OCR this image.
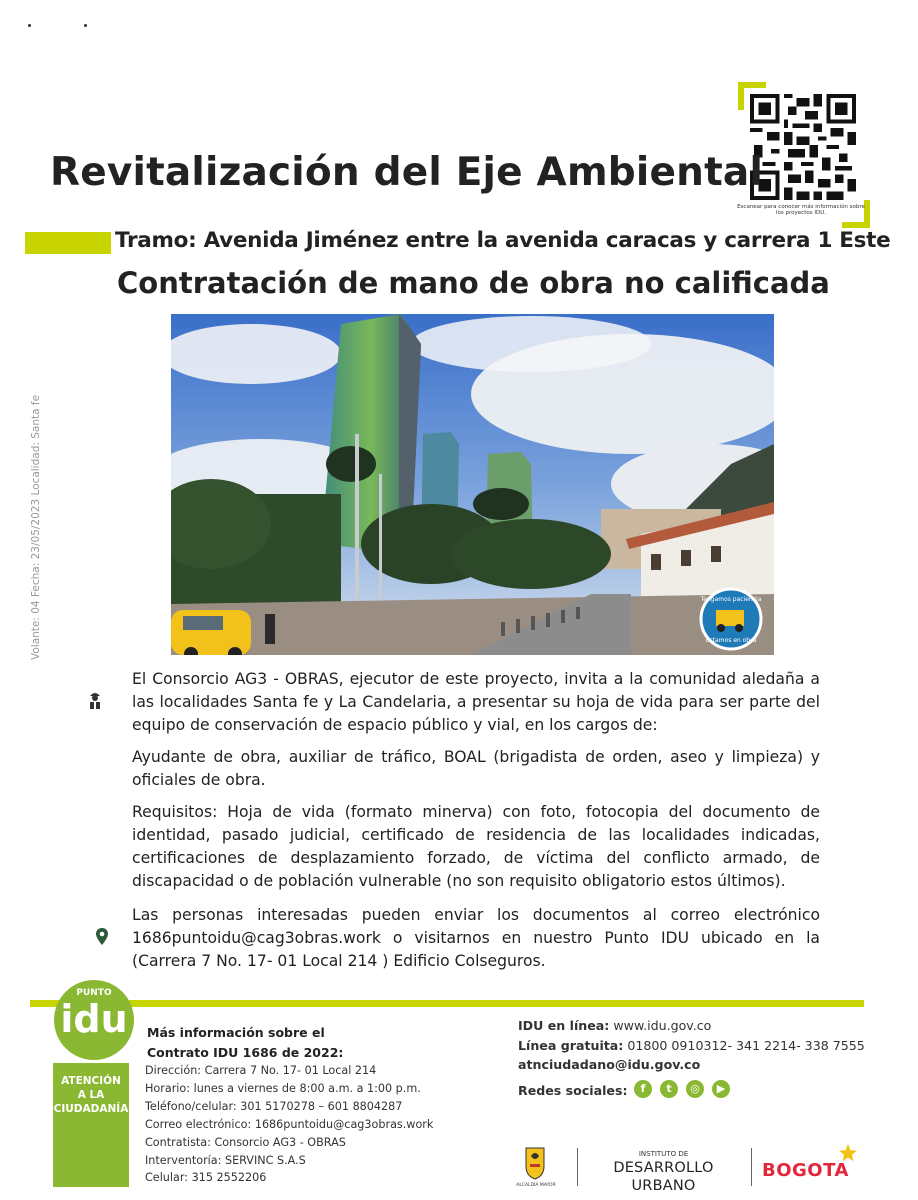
Escanear para conocer más información sobre los proyectos IDU.
Revitalización del Eje Ambiental
Tramo: Avenida Jiménez entre la avenida caracas y carrera 1 Este
Contratación de mano de obra no calificada
Volante: 04 Fecha: 23/05/2023 Localidad: Santa fe	Tengamos paciencia
Estamos en obra
El Consorcio AG3 - OBRAS, ejecutor de este proyecto, invita a la comunidad aledaña a las localidades Santa fe y La Candelaria, a presentar su hoja de vida para ser parte del equipo de conservación de espacio público y vial, en los cargos de:
Ayudante de obra, auxiliar de tráfico, BOAL (brigadista de orden, aseo y limpieza) y oficiales de obra.
Requisitos: Hoja de vida (formato minerva) con foto, fotocopia del documento de identidad, pasado judicial, certificado de residencia de las localidades indicadas, certificaciones de desplazamiento forzado, de víctima del conflicto armado, de discapacidad o de población vulnerable (no son requisito obligatorio estos últimos).
Las personas interesadas pueden enviar los documentos al correo electrónico 1686puntoidu@cag3obras.work o visitarnos en nuestro Punto IDU ubicado en la (Carrera 7 No. 17- 01 Local 214 ) Edificio Colseguros.
PUNTO
idu
ATENCIÓN
A LA
CIUDADANÍA
Más información sobre el
Contrato IDU 1686 de 2022:
Dirección: Carrera 7 No. 17- 01 Local 214
Horario: lunes a viernes de 8:00 a.m. a 1:00 p.m.
Teléfono/celular: 301 5170278 – 601 8804287
Correo electrónico: 1686puntoidu@cag3obras.work
Contratista: Consorcio AG3 - OBRAS
Interventoría: SERVINC S.A.S
Celular: 315 2552206
IDU en línea: www.idu.gov.co
Línea gratuita: 01800 0910312- 341 2214- 338 7555
atnciudadano@idu.gov.co
Redes sociales:	f	t	◎	▶
ALCALDÍA MAYOR
INSTITUTO DE
DESARROLLO URBANO
BOGOTA
